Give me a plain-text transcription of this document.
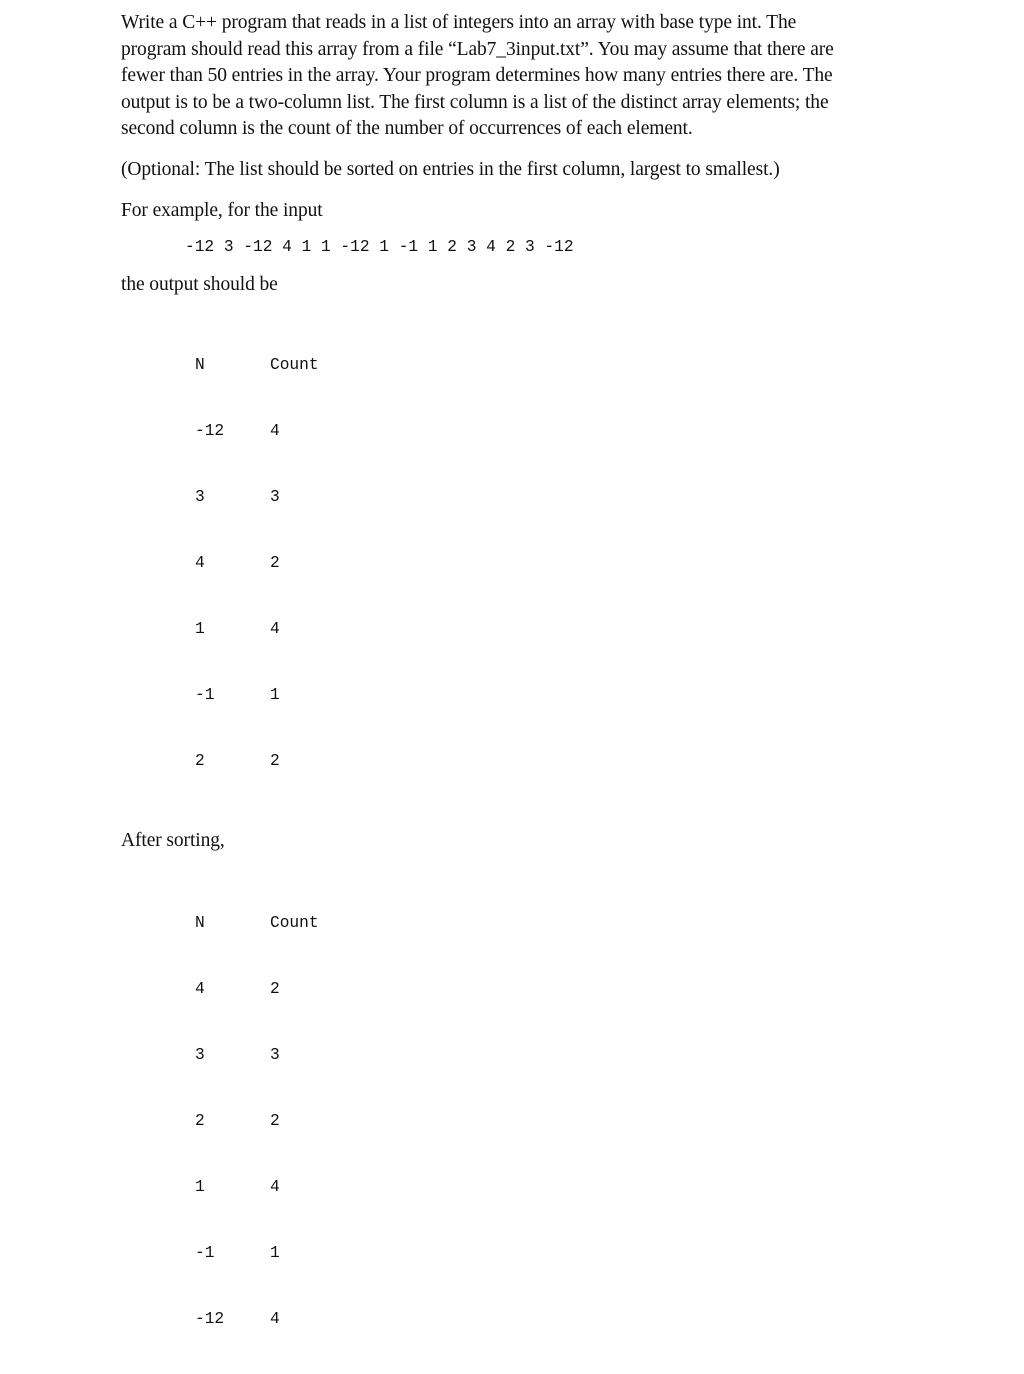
Write a C++ program that reads in a list of integers into an array with base type int. The
program should read this array from a file “Lab7_3input.txt”. You may assume that there are
fewer than 50 entries in the array. Your program determines how many entries there are. The
output is to be a two-column list. The first column is a list of the distinct array elements; the
second column is the count of the number of occurrences of each element.

(Optional: The list should be sorted on entries in the first column, largest to smallest.)

For example, for the input

-12 3 -12 4 1 1 -12 1 -1 1 2 3 4 2 3 -12

the output should be

N	Count

-12	4

3	3

4	2

1	4

-1	1

2	2

After sorting,

N	Count

4	2

3	3

2	2

1	4

-1	1

-12	4
